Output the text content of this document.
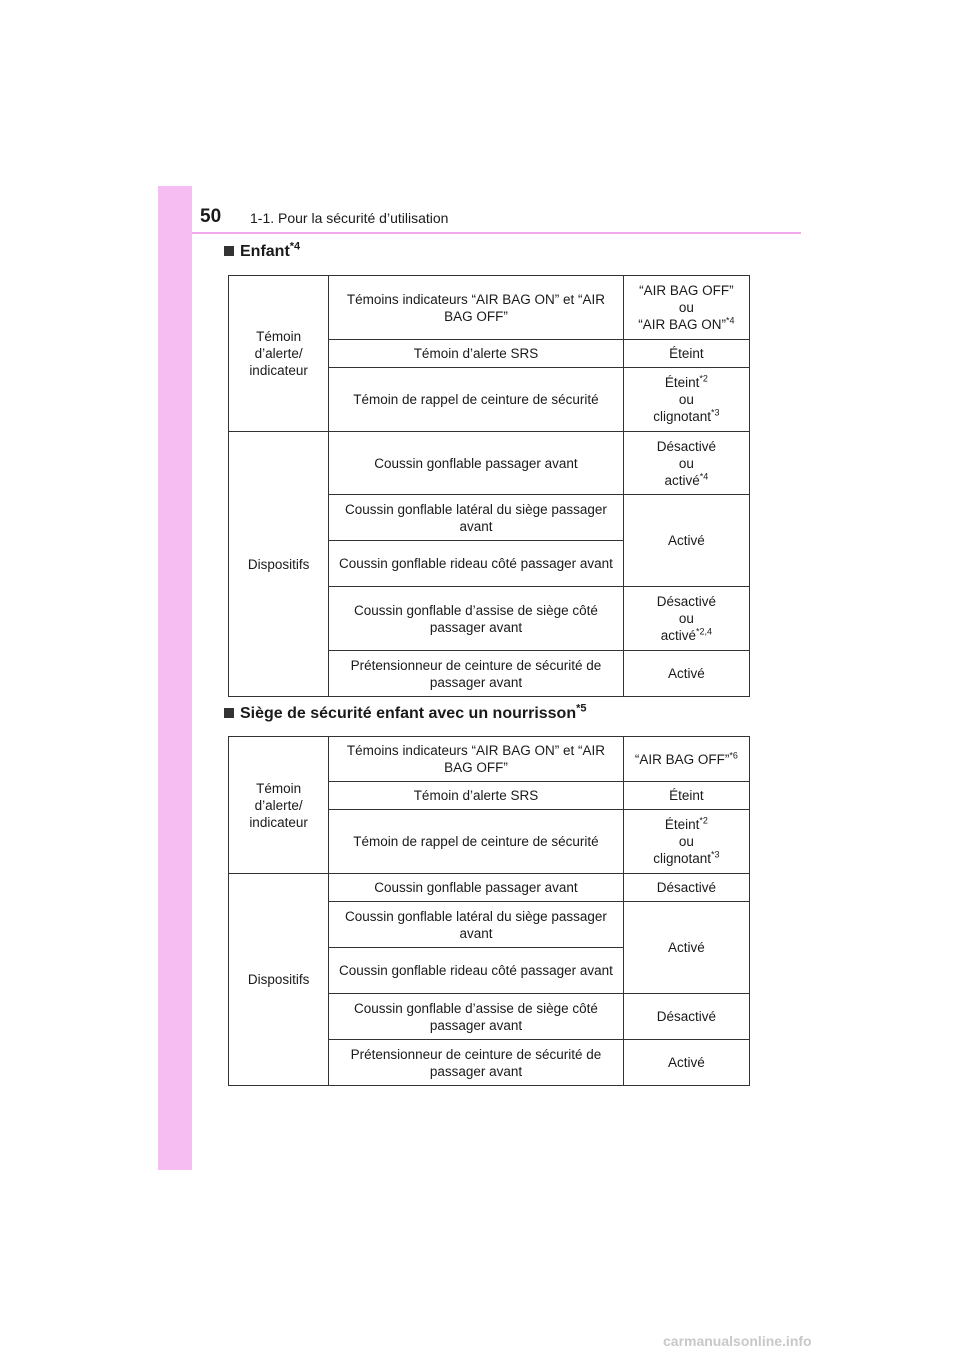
50 1-1. Pour la sécurité d’utilisation
Enfant$^{*4}$
Témoin d’alerte/ indicateur	Témoins indicateurs “AIR BAG ON” et “AIR BAG OFF”	“AIR BAG OFF”
ou
“AIR BAG ON”$^{*4}$

	Témoin d’alerte SRS	Éteint
	Témoin de rappel de ceinture de sécurité	Éteint$^{*2}$
ou
clignotant$^{*3}$

Dispositifs	Coussin gonflable passager avant	Désactivé
ou
activé$^{*4}$

	Coussin gonflable latéral du siège passager avant	Activé
	Coussin gonflable rideau côté passager avant	
	Coussin gonflable d’assise de siège côté passager avant	Désactivé
ou
activé$^{*2,4}$

	Prétensionneur de ceinture de sécurité de passager avant	Activé
Siège de sécurité enfant avec un nourrisson$^{*5}$
Témoin d’alerte/ indicateur	Témoins indicateurs “AIR BAG ON” et “AIR BAG OFF”	“AIR BAG OFF”$^{*6}$
	Témoin d’alerte SRS	Éteint
	Témoin de rappel de ceinture de sécurité	Éteint$^{*2}$
ou
clignotant$^{*3}$

Dispositifs	Coussin gonflable passager avant	Désactivé
	Coussin gonflable latéral du siège passager avant	Activé
	Coussin gonflable rideau côté passager avant	
	Coussin gonflable d’assise de siège côté passager avant	Désactivé
	Prétensionneur de ceinture de sécurité de passager avant	Activé
carmanualsonline.info
